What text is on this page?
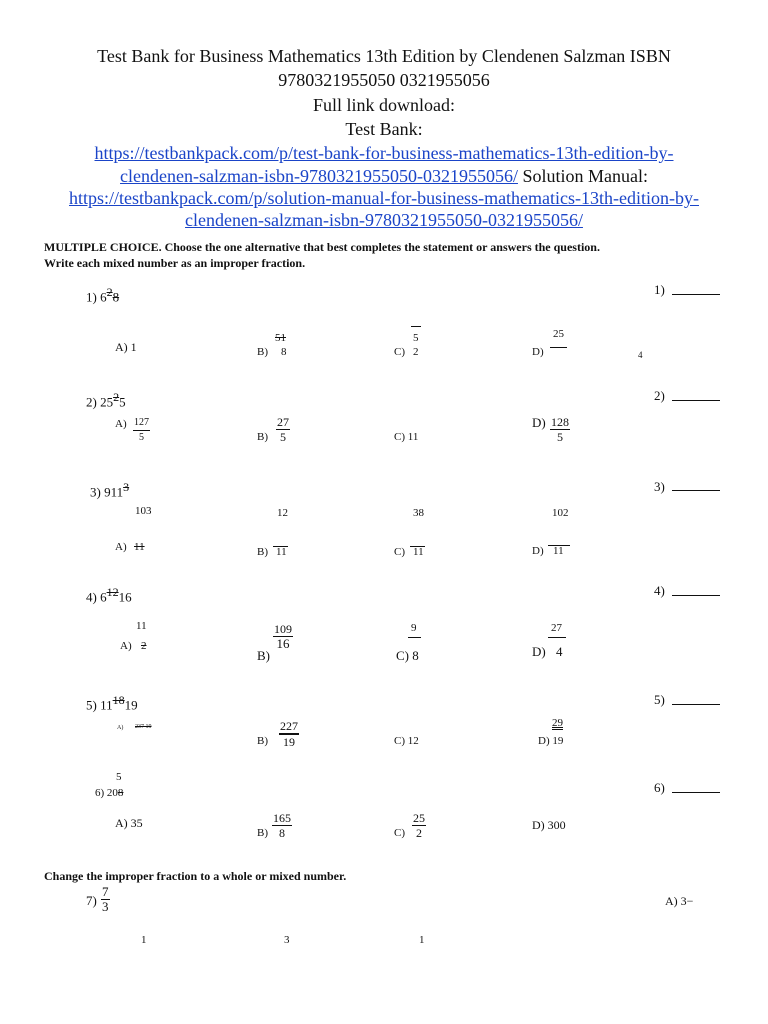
Test Bank for Business Mathematics 13th Edition by Clendenen Salzman ISBN
9780321955050 0321955056
Full link download:
Test Bank:
https://testbankpack.com/p/test-bank-for-business-mathematics-13th-edition-by-
clendenen-salzman-isbn-9780321955050-0321955056/ Solution Manual:
https://testbankpack.com/p/solution-manual-for-business-mathematics-13th-edition-by-
clendenen-salzman-isbn-9780321955050-0321955056/
MULTIPLE CHOICE. Choose the one alternative that best completes the statement or answers the question.
Write each mixed number as an improper fraction.
1) $6^28$	1)
A) 1
51
B) 8
5
C) 2
25
D)	4
2) $25^25$	2)
$A) \frac{127}{5}$	$B) \frac{27}{5}$	C) 11
$D) \frac{128}{5}$
3) $911^3$	3)
103	12	38	102
A) 11	B) 11	C) 11	D) 11
4) $6^{12}16$	4)
11
A) 2	$\frac{109}{16}$
B)
9
C) 8
27
D) 4
5) $11^{18}19$	5)
A) 237 19	$\frac{227}{19}$
B)	C) 12
29
D) 19
5
6) 208	6)
A) 35
$B) \frac{165}{8}$	$C) \frac{25}{2}$	D) 300
Change the improper fraction to a whole or mixed number.
$7) \frac{7}{3}$	A) 3−
1	3	1
